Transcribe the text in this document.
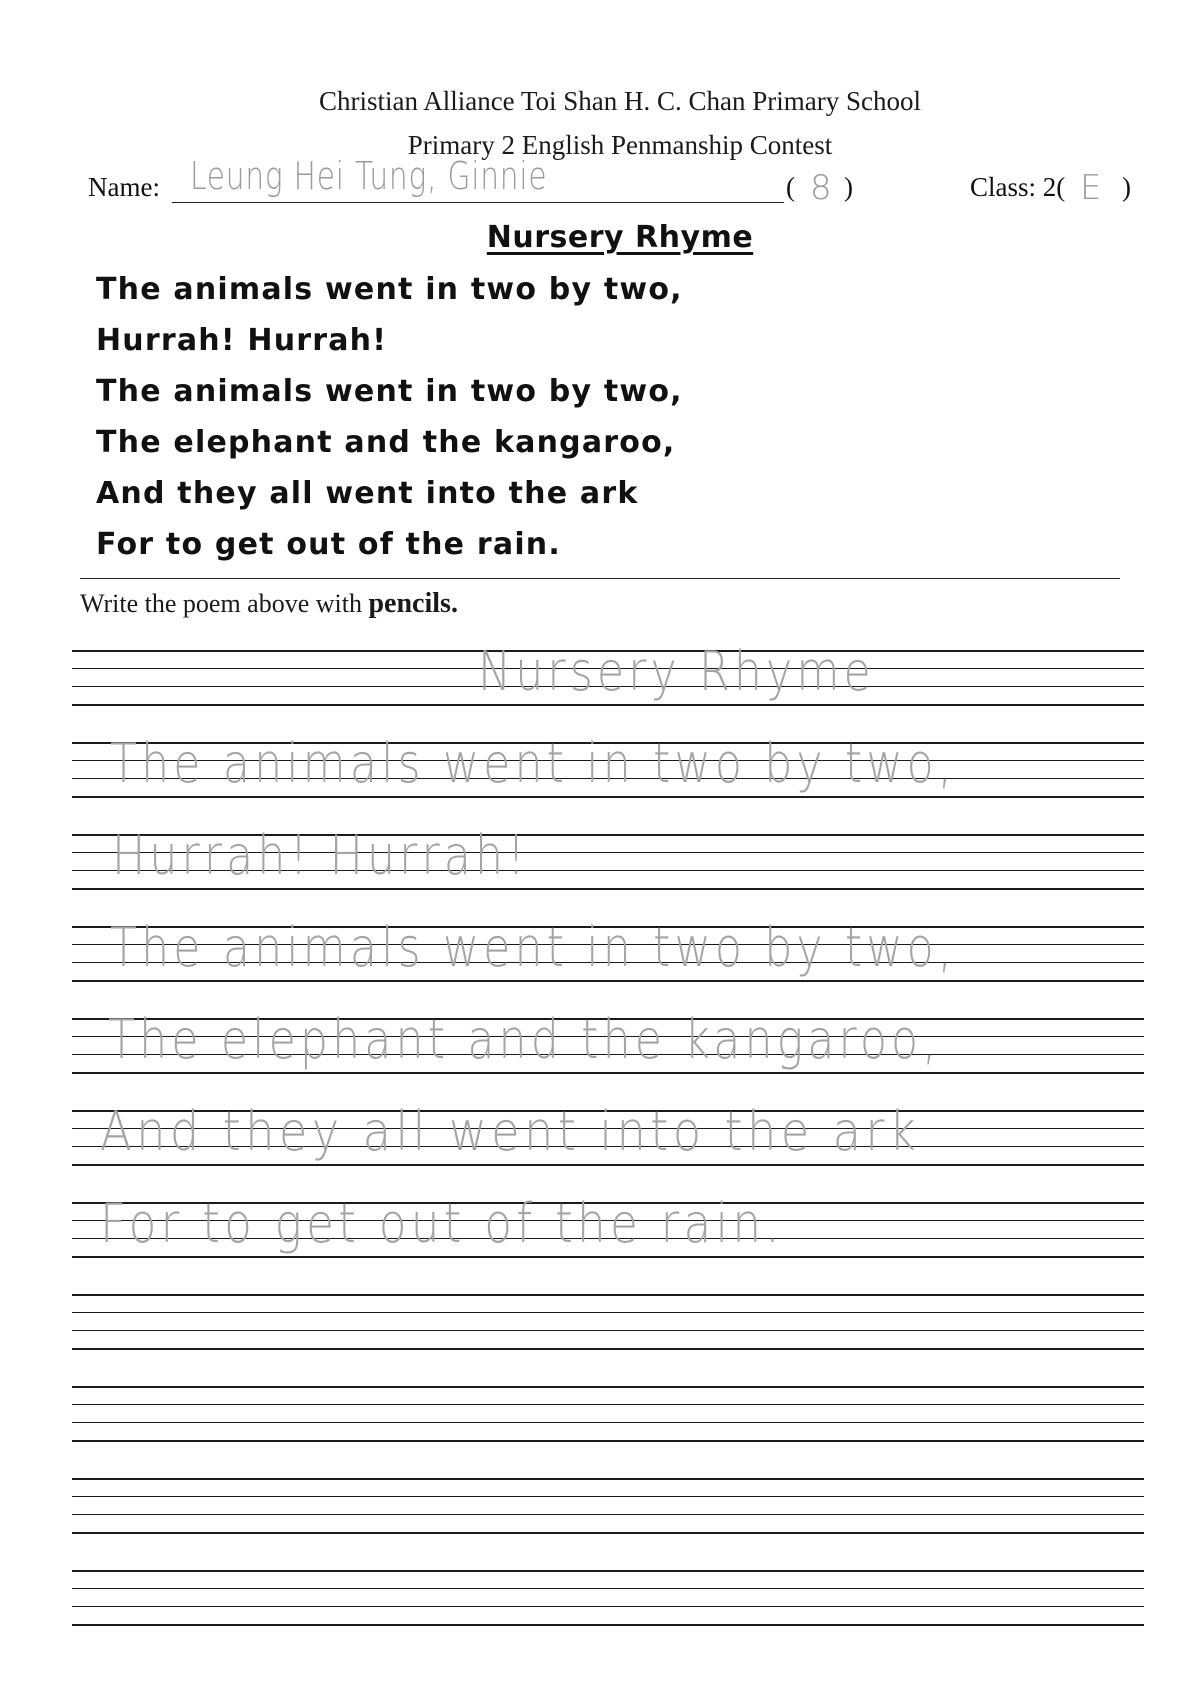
Christian Alliance Toi Shan H. C. Chan Primary School
Primary 2 English Penmanship Contest
Name: Leung Hei Tung, Ginnie	( 8 )	Class: 2( E )
Nursery Rhyme
The animals went in two by two,
Hurrah! Hurrah!
The animals went in two by two,
The elephant and the kangaroo,
And they all went into the ark
For to get out of the rain.
Write the poem above with pencils.
Nursery Rhyme
The animals went in two by two,
Hurrah! Hurrah!
The animals went in two by two,
The elephant and the kangaroo,
And they all went into the ark
For to get out of the rain.
